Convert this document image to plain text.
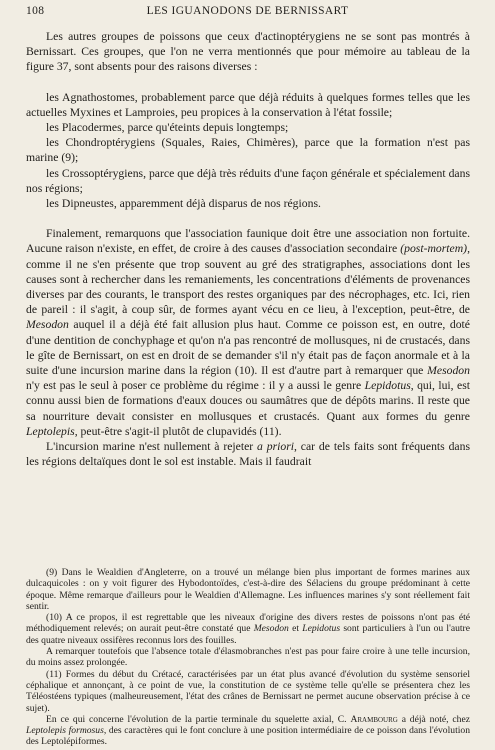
108	LES IGUANODONS DE BERNISSART

Les autres groupes de poissons que ceux d'actinoptérygiens ne se sont pas montrés à Bernissart. Ces groupes, que l'on ne verra mentionnés que pour mémoire au tableau de la figure 37, sont absents pour des raisons diverses :

les Agnathostomes, probablement parce que déjà réduits à quelques formes telles que les actuelles Myxines et Lamproies, peu propices à la conservation à l'état fossile;

les Placodermes, parce qu'éteints depuis longtemps;

les Chondroptérygiens (Squales, Raies, Chimères), parce que la formation n'est pas marine (9);

les Crossoptérygiens, parce que déjà très réduits d'une façon générale et spécialement dans nos régions;

les Dipneustes, apparemment déjà disparus de nos régions.

Finalement, remarquons que l'association faunique doit être une association non fortuite. Aucune raison n'existe, en effet, de croire à des causes d'association secondaire (post-mortem), comme il ne s'en présente que trop souvent au gré des stratigraphes, associations dont les causes sont à rechercher dans les remaniements, les concentrations d'éléments de provenances diverses par des courants, le transport des restes organiques par des nécrophages, etc. Ici, rien de pareil : il s'agit, à coup sûr, de formes ayant vécu en ce lieu, à l'exception, peut-être, de Mesodon auquel il a déjà été fait allusion plus haut. Comme ce poisson est, en outre, doté d'une dentition de conchyphage et qu'on n'a pas rencontré de mollusques, ni de crustacés, dans le gîte de Bernissart, on est en droit de se demander s'il n'y était pas de façon anormale et à la suite d'une incursion marine dans la région (10). Il est d'autre part à remarquer que Mesodon n'y est pas le seul à poser ce problème du régime : il y a aussi le genre Lepidotus, qui, lui, est connu aussi bien de formations d'eaux douces ou saumâtres que de dépôts marins. Il reste que sa nourriture devait consister en mollusques et crustacés. Quant aux formes du genre Leptolepis, peut-être s'agit-il plutôt de clupavidés (11).

L'incursion marine n'est nullement à rejeter a priori, car de tels faits sont fréquents dans les régions deltaïques dont le sol est instable. Mais il faudrait

(9) Dans le Wealdien d'Angleterre, on a trouvé un mélange bien plus important de formes marines aux dulcaquicoles : on y voit figurer des Hybodontoïdes, c'est-à-dire des Sélaciens du groupe prédominant à cette époque. Même remarque d'ailleurs pour le Wealdien d'Allemagne. Les influences marines s'y sont réellement fait sentir.

(10) A ce propos, il est regrettable que les niveaux d'origine des divers restes de poissons n'ont pas été méthodiquement relevés; on aurait peut-être constaté que Mesodon et Lepidotus sont particuliers à l'un ou l'autre des quatre niveaux ossifères reconnus lors des fouilles.

A remarquer toutefois que l'absence totale d'élasmobranches n'est pas pour faire croire à une telle incursion, du moins assez prolongée.

(11) Formes du début du Crétacé, caractérisées par un état plus avancé d'évolution du système sensoriel céphalique et annonçant, à ce point de vue, la constitution de ce système telle qu'elle se présentera chez les Téléostéens typiques (malheureusement, l'état des crânes de Bernissart ne permet aucune observation précise à ce sujet).

En ce qui concerne l'évolution de la partie terminale du squelette axial, C. Arambourg a déjà noté, chez Leptolepis formosus, des caractères qui le font conclure à une position intermédiaire de ce poisson dans l'évolution des Leptolépiformes.
